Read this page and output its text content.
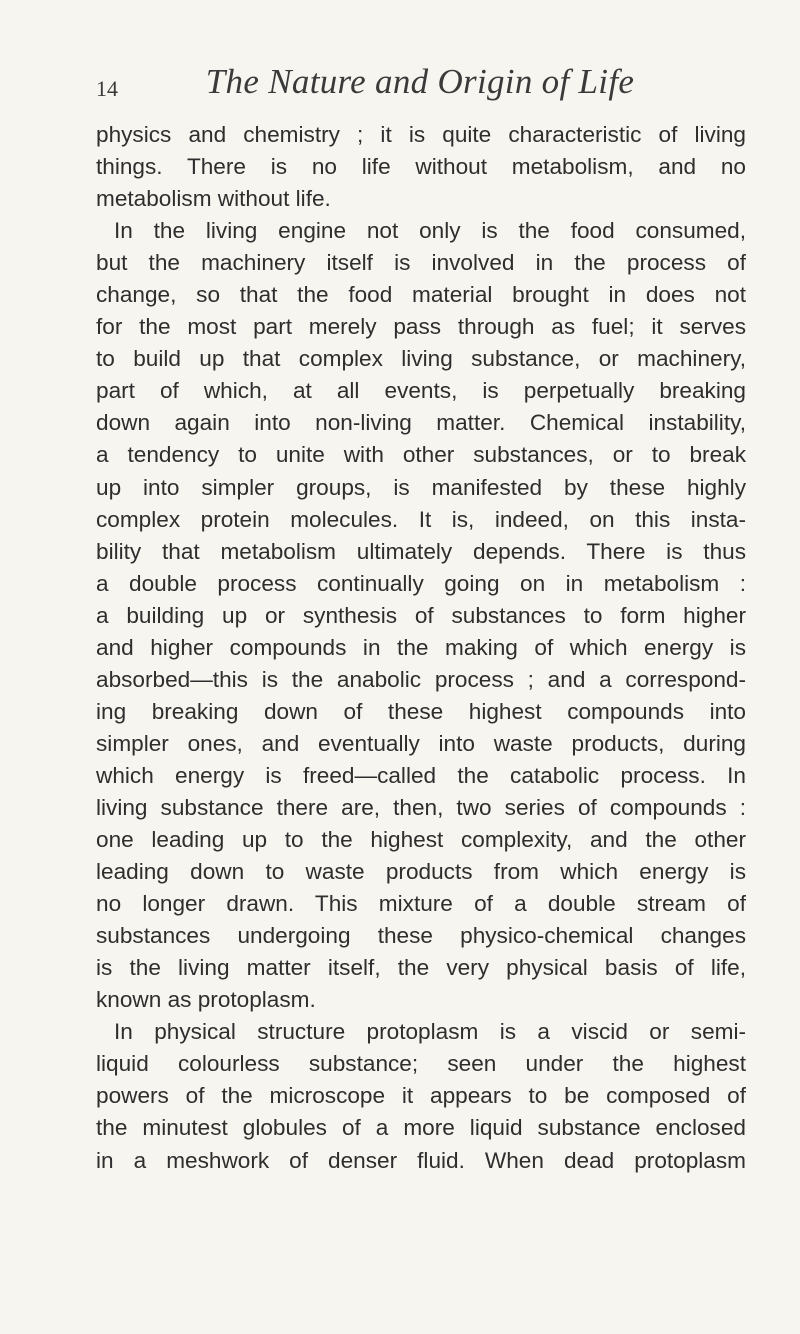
14	The Nature and Origin of Life
physics and chemistry ; it is quite characteristic of living
things. There is no life without metabolism, and no
metabolism without life.
In the living engine not only is the food consumed,
but the machinery itself is involved in the process of
change, so that the food material brought in does not
for the most part merely pass through as fuel; it serves
to build up that complex living substance, or machinery,
part of which, at all events, is perpetually breaking
down again into non-living matter. Chemical instability,
a tendency to unite with other substances, or to break
up into simpler groups, is manifested by these highly
complex protein molecules. It is, indeed, on this insta-
bility that metabolism ultimately depends. There is thus
a double process continually going on in metabolism :
a building up or synthesis of substances to form higher
and higher compounds in the making of which energy is
absorbed—this is the anabolic process ; and a correspond-
ing breaking down of these highest compounds into
simpler ones, and eventually into waste products, during
which energy is freed—called the catabolic process. In
living substance there are, then, two series of compounds :
one leading up to the highest complexity, and the other
leading down to waste products from which energy is
no longer drawn. This mixture of a double stream of
substances undergoing these physico-chemical changes
is the living matter itself, the very physical basis of life,
known as protoplasm.
In physical structure protoplasm is a viscid or semi-
liquid colourless substance; seen under the highest
powers of the microscope it appears to be composed of
the minutest globules of a more liquid substance enclosed
in a meshwork of denser fluid. When dead protoplasm
